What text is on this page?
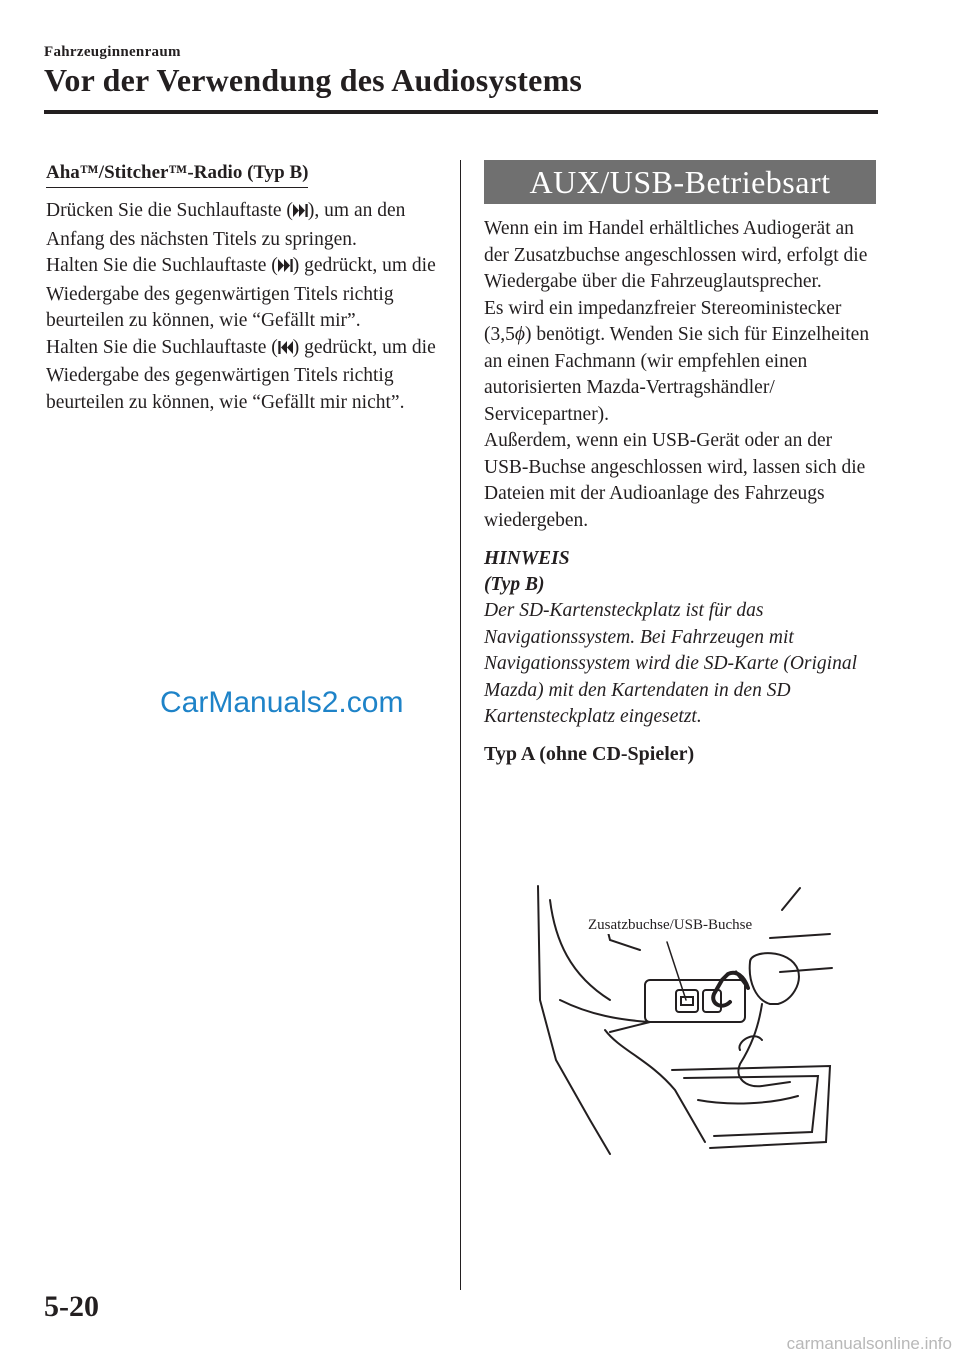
Fahrzeuginnenraum
Vor der Verwendung des Audiosystems
Aha™/Stitcher™-Radio (Typ B)

Drücken Sie die Suchlauftaste ( ), um an den Anfang des nächsten Titels zu springen.

Halten Sie die Suchlauftaste ( ) gedrückt, um die Wiedergabe des gegenwärtigen Titels richtig beurteilen zu können, wie “Gefällt mir”.

Halten Sie die Suchlauftaste ( ) gedrückt, um die Wiedergabe des gegenwärtigen Titels richtig beurteilen zu können, wie “Gefällt mir nicht”.

AUX/USB-Betriebsart

Wenn ein im Handel erhältliches Audiogerät an der Zusatzbuchse angeschlossen wird, erfolgt die Wiedergabe über die Fahrzeuglautsprecher.

Es wird ein impedanzfreier Stereoministecker (3,5ϕ) benötigt. Wenden Sie sich für Einzelheiten an einen Fachmann (wir empfehlen einen autorisierten Mazda-Vertragshändler/ Servicepartner).

Außerdem, wenn ein USB-Gerät oder an der USB-Buchse angeschlossen wird, lassen sich die Dateien mit der Audioanlage des Fahrzeugs wiedergeben.

HINWEIS

(Typ B)

Der SD-Kartensteckplatz ist für das Navigationssystem. Bei Fahrzeugen mit Navigationssystem wird die SD-Karte (Original Mazda) mit den Kartendaten in den SD Kartensteckplatz eingesetzt.

Typ A (ohne CD-Spieler)

Zusatzbuchse/USB-Buchse
CarManuals2.com
5-20
carmanualsonline.info
